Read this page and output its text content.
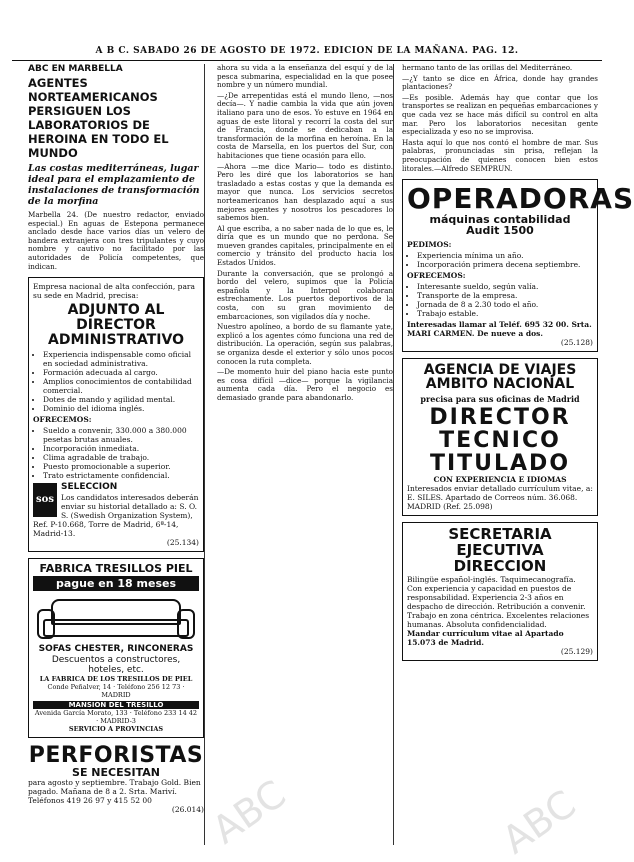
A B C. SABADO 26 DE AGOSTO DE 1972. EDICION DE LA MAÑANA. PAG. 12.
ABC EN MARBELLA
AGENTES NORTEAMERICANOS PERSIGUEN LOS LABORATORIOS DE HEROINA EN TODO EL MUNDO
Las costas mediterráneas, lugar ideal para el emplazamiento de instalaciones de transformación de la morfina

Marbella 24. (De nuestro redactor, enviado especial.) En aguas de Estepona permanece anclado desde hace varios días un velero de bandera extranjera con tres tripulantes y cuyo nombre y cautivo no facilitado por las autoridades de Policía competentes, que indican.

Empresa nacional de alta confección, para su sede en Madrid, precisa:
ADJUNTO AL DIRECTOR ADMINISTRATIVO
• Experiencia indispensable como oficial en sociedad administrativa.
• Formación adecuada al cargo.
• Amplios conocimientos de contabilidad comercial.
• Dotes de mando y agilidad mental.
• Dominio del idioma inglés.
OFRECEMOS:
• Sueldo a convenir, 330.000 a 380.000 pesetas brutas anuales.
• Incorporación inmediata.
• Clima agradable de trabajo.
• Puesto promocionable a superior.
• Trato estrictamente confidencial.
sos
SELECCION
Los candidatos interesados deberán enviar su historial detallado a: S. O. S. (Swedish Organization System), Ref. P-10.668, Torre de Madrid, 6ª-14, Madrid-13.
(25.134)
FABRICA TRESILLOS PIEL
pague en 18 meses
SOFAS CHESTER, RINCONERAS
Descuentos a constructores, hoteles, etc.
LA FABRICA DE LOS TRESILLOS DE PIEL
Conde Peñalver, 14 · Teléfono 256 12 73 · MADRID
MANSION DEL TRESILLO
Avenida García Morato, 133 · Teléfono 233 14 42 · MADRID-3
SERVICIO A PROVINCIAS
PERFORISTAS
SE NECESITAN
para agosto y septiembre. Trabajo Gold. Bien pagado. Mañana de 8 a 2. Srta. Mariví. Teléfonos 419 26 97 y 415 52 00
(26.014)

ahora su vida a la enseñanza del esquí y de la pesca submarina, especialidad en la que posee nombre y un número mundial.

—¿De arrepentidas está el mundo lleno, —nos decía—. Y nadie cambia la vida que aún joven italiano para uno de esos. Yo estuve en 1964 en aguas de este litoral y recorrí la costa del sur de Francia, donde se dedicaban a la transformación de la morfina en heroína. En la costa de Marsella, en los puertos del Sur, con habitaciones que tiene ocasión para ello.

—Ahora —me dice Mario— todo es distinto. Pero les diré que los laboratorios se han trasladado a estas costas y que la demanda es mayor que nunca. Los servicios secretos norteamericanos han desplazado aquí a sus mejores agentes y nosotros los pescadores lo sabemos bien.

Al que escriba, a no saber nada de lo que es, le diría que es un mundo que no perdona. Se mueven grandes capitales, principalmente en el comercio y tránsito del producto hacia los Estados Unidos.

Durante la conversación, que se prolongó a bordo del velero, supimos que la Policía española y la Interpol colaboran estrechamente. Los puertos deportivos de la costa, con su gran movimiento de embarcaciones, son vigilados día y noche.

Nuestro apolíneo, a bordo de su flamante yate, explicó a los agentes cómo funciona una red de distribución. La operación, según sus palabras, se organiza desde el exterior y sólo unos pocos conocen la ruta completa.

—De momento huir del piano hacia este punto es cosa difícil —dice— porque la vigilancia aumenta cada día. Pero el negocio es demasiado grande para abandonarlo.

hermano tanto de las orillas del Mediterráneo.

—¿Y tanto se dice en África, donde hay grandes plantaciones?

—Es posible. Además hay que contar que los transportes se realizan en pequeñas embarcaciones y que cada vez se hace más difícil su control en alta mar. Pero los laboratorios necesitan gente especializada y eso no se improvisa.

Hasta aquí lo que nos contó el hombre de mar. Sus palabras, pronunciadas sin prisa, reflejan la preocupación de quienes conocen bien estos litorales.—Alfredo SEMPRUN.

OPERADORAS
máquinas contabilidad
Audit 1500
PEDIMOS:
• Experiencia mínima un año.
• Incorporación primera decena septiembre.
OFRECEMOS:
• Interesante sueldo, según valía.
• Transporte de la empresa.
• Jornada de 8 a 2.30 todo el año.
• Trabajo estable.
Interesadas llamar al Teléf. 695 32 00. Srta. MARI CARMEN. De nueve a dos.
(25.128)
AGENCIA DE VIAJES
AMBITO NACIONAL
precisa para sus oficinas de Madrid
DIRECTOR
TECNICO
TITULADO
CON EXPERIENCIA E IDIOMAS
Interesados enviar detallado currículum vitae, a: E. SILES. Apartado de Correos núm. 36.068. MADRID (Ref. 25.098)
SECRETARIA EJECUTIVA
DIRECCION
Bilingüe español-inglés. Taquimecanografía. Con experiencia y capacidad en puestos de responsabilidad. Experiencia 2-3 años en despacho de dirección. Retribución a convenir. Trabajo en zona céntrica. Excelentes relaciones humanas. Absoluta confidencialidad.
Mandar currículum vitae al Apartado 15.073 de Madrid.
(25.129)
ABC	ABC
